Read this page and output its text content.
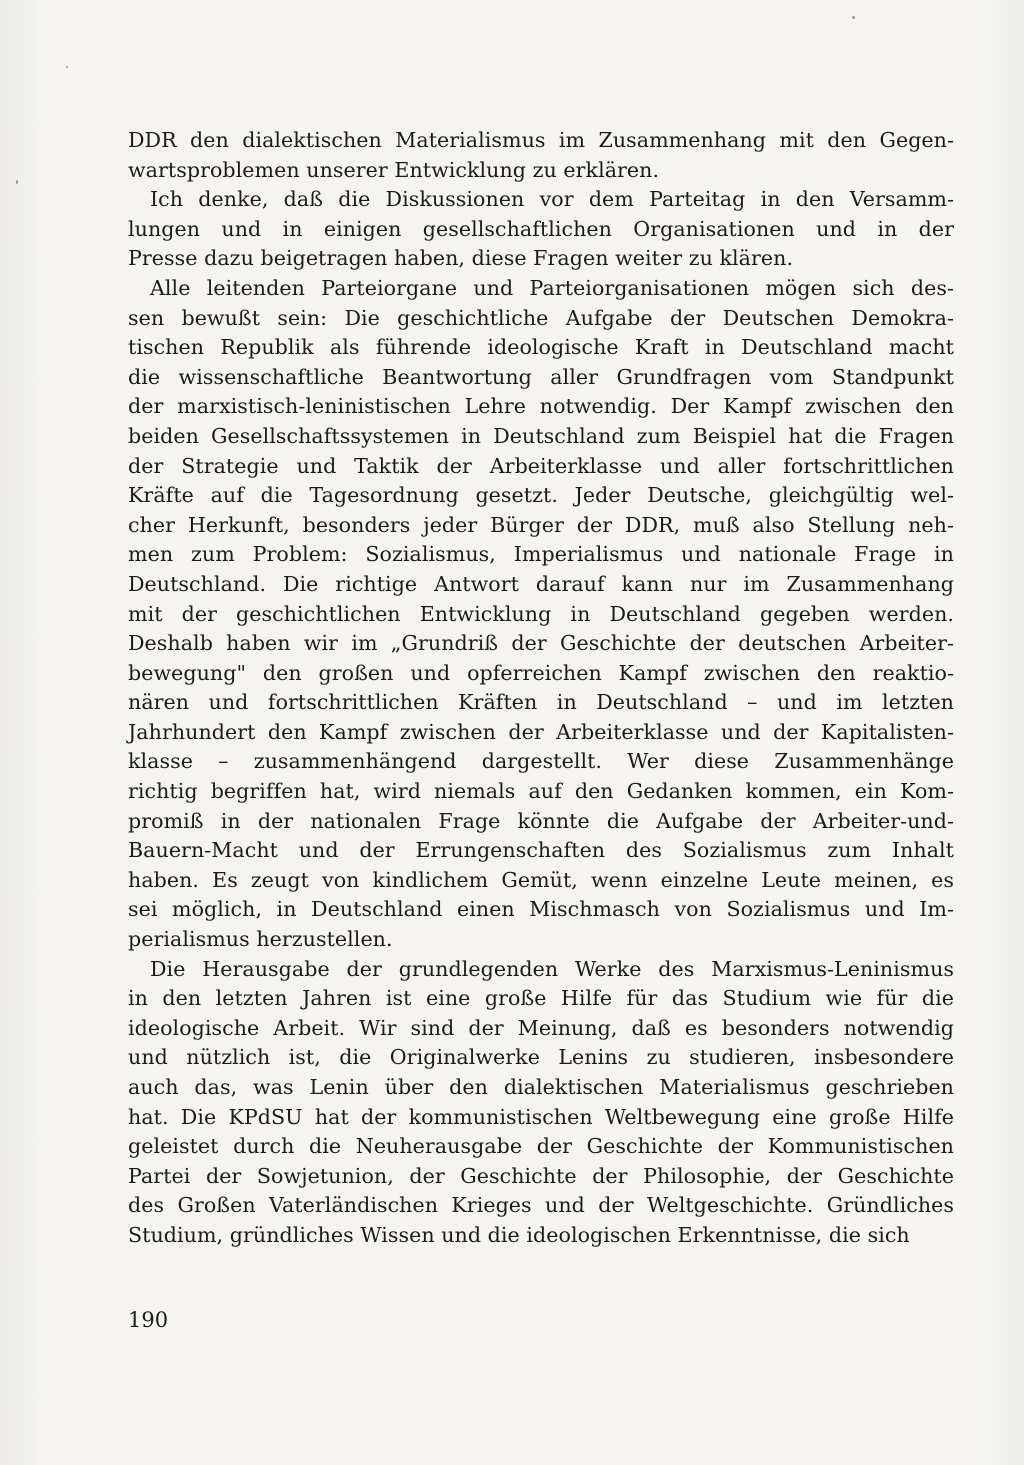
DDR den dialektischen Materialismus im Zusammenhang mit den Gegen-
wartsproblemen unserer Entwicklung zu erklären.
Ich denke, daß die Diskussionen vor dem Parteitag in den Versamm-
lungen und in einigen gesellschaftlichen Organisationen und in der
Presse dazu beigetragen haben, diese Fragen weiter zu klären.
Alle leitenden Parteiorgane und Parteiorganisationen mögen sich des-
sen bewußt sein: Die geschichtliche Aufgabe der Deutschen Demokra-
tischen Republik als führende ideologische Kraft in Deutschland macht
die wissenschaftliche Beantwortung aller Grundfragen vom Standpunkt
der marxistisch-leninistischen Lehre notwendig. Der Kampf zwischen den
beiden Gesellschaftssystemen in Deutschland zum Beispiel hat die Fragen
der Strategie und Taktik der Arbeiterklasse und aller fortschrittlichen
Kräfte auf die Tagesordnung gesetzt. Jeder Deutsche, gleichgültig wel-
cher Herkunft, besonders jeder Bürger der DDR, muß also Stellung neh-
men zum Problem: Sozialismus, Imperialismus und nationale Frage in
Deutschland. Die richtige Antwort darauf kann nur im Zusammenhang
mit der geschichtlichen Entwicklung in Deutschland gegeben werden.
Deshalb haben wir im „Grundriß der Geschichte der deutschen Arbeiter-
bewegung" den großen und opferreichen Kampf zwischen den reaktio-
nären und fortschrittlichen Kräften in Deutschland – und im letzten
Jahrhundert den Kampf zwischen der Arbeiterklasse und der Kapitalisten-
klasse – zusammenhängend dargestellt. Wer diese Zusammenhänge
richtig begriffen hat, wird niemals auf den Gedanken kommen, ein Kom-
promiß in der nationalen Frage könnte die Aufgabe der Arbeiter-und-
Bauern-Macht und der Errungenschaften des Sozialismus zum Inhalt
haben. Es zeugt von kindlichem Gemüt, wenn einzelne Leute meinen, es
sei möglich, in Deutschland einen Mischmasch von Sozialismus und Im-
perialismus herzustellen.
Die Herausgabe der grundlegenden Werke des Marxismus-Leninismus
in den letzten Jahren ist eine große Hilfe für das Studium wie für die
ideologische Arbeit. Wir sind der Meinung, daß es besonders notwendig
und nützlich ist, die Originalwerke Lenins zu studieren, insbesondere
auch das, was Lenin über den dialektischen Materialismus geschrieben
hat. Die KPdSU hat der kommunistischen Weltbewegung eine große Hilfe
geleistet durch die Neuherausgabe der Geschichte der Kommunistischen
Partei der Sowjetunion, der Geschichte der Philosophie, der Geschichte
des Großen Vaterländischen Krieges und der Weltgeschichte. Gründliches
Studium, gründliches Wissen und die ideologischen Erkenntnisse, die sich
190
